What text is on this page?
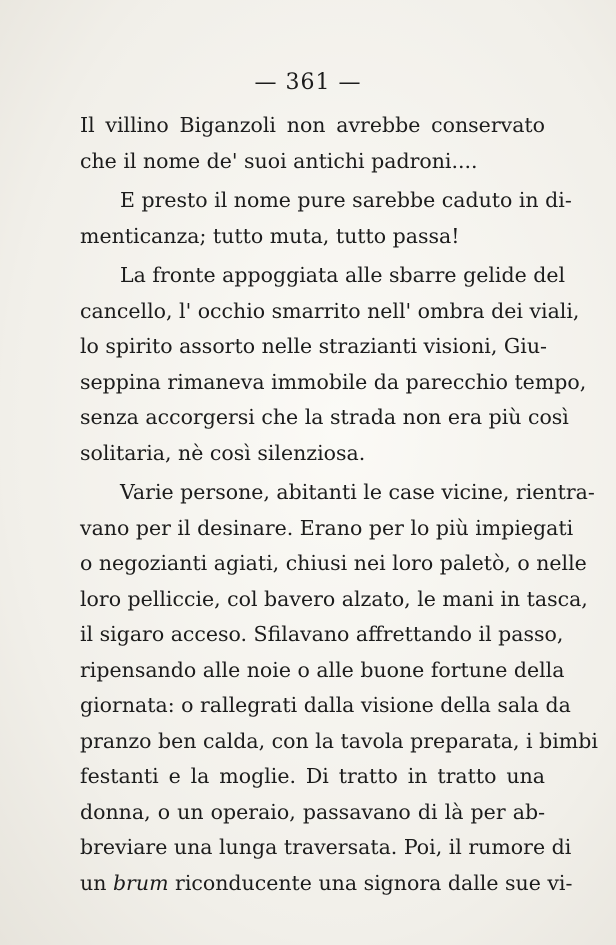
— 361 —
Il villino Biganzoli non avrebbe conservato
che il nome de' suoi antichi padroni....
E presto il nome pure sarebbe caduto in di-
menticanza; tutto muta, tutto passa!
La fronte appoggiata alle sbarre gelide del
cancello, l' occhio smarrito nell' ombra dei viali,
lo spirito assorto nelle strazianti visioni, Giu-
seppina rimaneva immobile da parecchio tempo,
senza accorgersi che la strada non era più così
solitaria, nè così silenziosa.
Varie persone, abitanti le case vicine, rientra-
vano per il desinare. Erano per lo più impiegati
o negozianti agiati, chiusi nei loro paletò, o nelle
loro pelliccie, col bavero alzato, le mani in tasca,
il sigaro acceso. Sfilavano affrettando il passo,
ripensando alle noie o alle buone fortune della
giornata: o rallegrati dalla visione della sala da
pranzo ben calda, con la tavola preparata, i bimbi
festanti e la moglie. Di tratto in tratto una
donna, o un operaio, passavano di là per ab-
breviare una lunga traversata. Poi, il rumore di
un brum riconducente una signora dalle sue vi-
